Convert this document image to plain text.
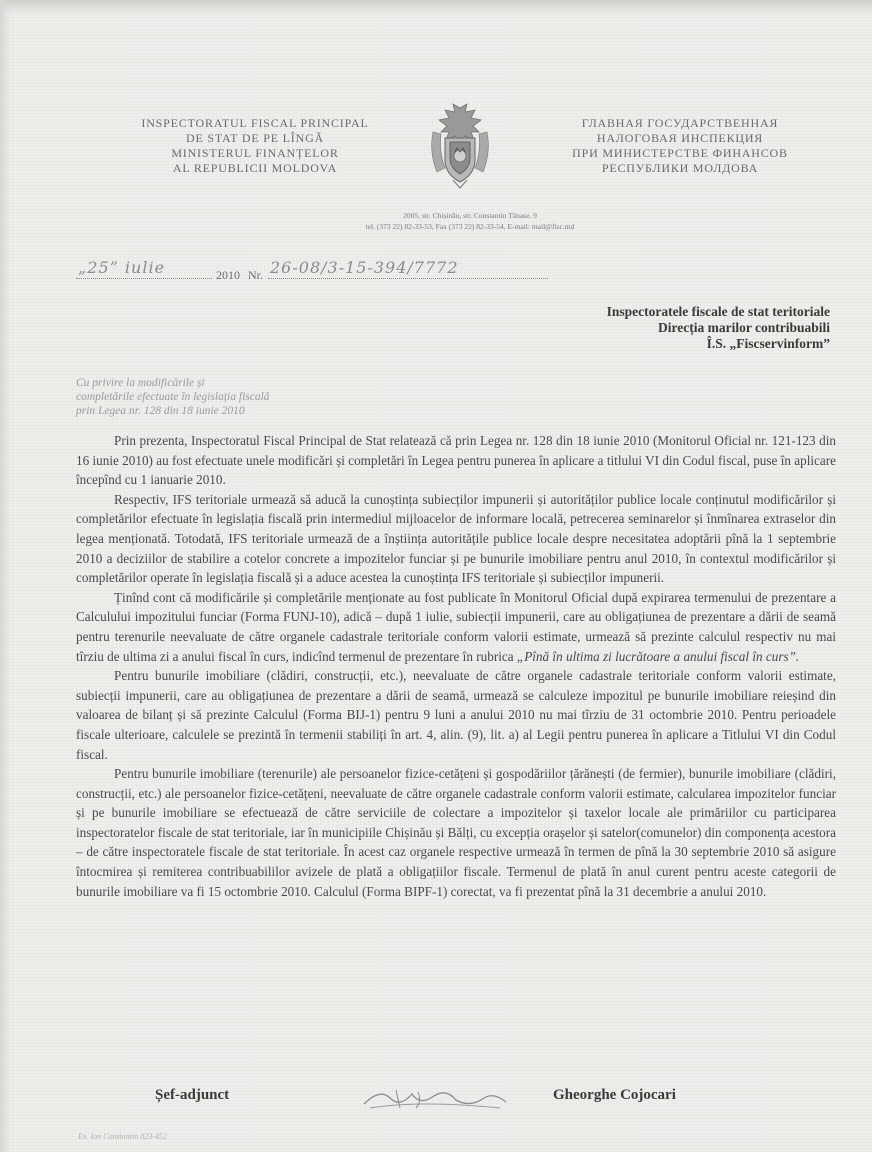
INSPECTORATUL FISCAL PRINCIPAL
DE STAT DE PE LÎNGĂ
MINISTERUL FINANȚELOR
AL REPUBLICII MOLDOVA
ГЛАВНАЯ ГОСУДАРСТВЕННАЯ
НАЛОГОВАЯ ИНСПЕКЦИЯ
ПРИ МИНИСТЕРСТВЕ ФИНАНСОВ
РЕСПУБЛИКИ МОЛДОВА
2005, str. Chișinău, str. Constantin Tănase, 9
tel. (373 22) 82-33-53, Fax (373 22) 82-33-54, E-mail: mail@fisc.md
„25” iulie	2010 Nr. 26-08/3-15-394/7772
Inspectoratele fiscale de stat teritoriale
Direcția marilor contribuabili
Î.S. „Fiscservinform”
Cu privire la modificările și
completările efectuate în legislația fiscală
prin Legea nr. 128 din 18 iunie 2010

Prin prezenta, Inspectoratul Fiscal Principal de Stat relatează că prin Legea nr. 128 din 18 iunie 2010 (Monitorul Oficial nr. 121-123 din 16 iunie 2010) au fost efectuate unele modificări și completări în Legea pentru punerea în aplicare a titlului VI din Codul fiscal, puse în aplicare începînd cu 1 ianuarie 2010.

Respectiv, IFS teritoriale urmează să aducă la cunoștința subiecților impunerii și autorităților publice locale conținutul modificărilor și completărilor efectuate în legislația fiscală prin intermediul mijloacelor de informare locală, petrecerea seminarelor și înmînarea extraselor din legea menționată. Totodată, IFS teritoriale urmează de a înștiința autoritățile publice locale despre necesitatea adoptării pînă la 1 septembrie 2010 a deciziilor de stabilire a cotelor concrete a impozitelor funciar și pe bunurile imobiliare pentru anul 2010, în contextul modificărilor și completărilor operate în legislația fiscală și a aduce acestea la cunoștința IFS teritoriale și subiecților impunerii.

Ținînd cont că modificările și completările menționate au fost publicate în Monitorul Oficial după expirarea termenului de prezentare a Calculului impozitului funciar (Forma FUNJ-10), adică – după 1 iulie, subiecții impunerii, care au obligațiunea de prezentare a dării de seamă pentru terenurile neevaluate de către organele cadastrale teritoriale conform valorii estimate, urmează să prezinte calculul respectiv nu mai tîrziu de ultima zi a anului fiscal în curs, indicînd termenul de prezentare în rubrica „Pînă în ultima zi lucrătoare a anului fiscal în curs”.

Pentru bunurile imobiliare (clădiri, construcții, etc.), neevaluate de către organele cadastrale teritoriale conform valorii estimate, subiecții impunerii, care au obligațiunea de prezentare a dării de seamă, urmează se calculeze impozitul pe bunurile imobiliare reieșind din valoarea de bilanț și să prezinte Calculul (Forma BIJ-1) pentru 9 luni a anului 2010 nu mai tîrziu de 31 octombrie 2010. Pentru perioadele fiscale ulterioare, calculele se prezintă în termenii stabiliți în art. 4, alin. (9), lit. a) al Legii pentru punerea în aplicare a Titlului VI din Codul fiscal.

Pentru bunurile imobiliare (terenurile) ale persoanelor fizice-cetățeni și gospodăriilor țărănești (de fermier), bunurile imobiliare (clădiri, construcții, etc.) ale persoanelor fizice-cetățeni, neevaluate de către organele cadastrale conform valorii estimate, calcularea impozitelor funciar și pe bunurile imobiliare se efectuează de către serviciile de colectare a impozitelor și taxelor locale ale primăriilor cu participarea inspectoratelor fiscale de stat teritoriale, iar în municipiile Chișinău și Bălți, cu excepția orașelor și satelor(comunelor) din componența acestora – de către inspectoratele fiscale de stat teritoriale. În acest caz organele respective urmează în termen de pînă la 30 septembrie 2010 să asigure întocmirea și remiterea contribuabililor avizele de plată a obligațiilor fiscale. Termenul de plată în anul curent pentru aceste categorii de bunurile imobiliare va fi 15 octombrie 2010. Calculul (Forma BIPF-1) corectat, va fi prezentat pînă la 31 decembrie a anului 2010.

Șef-adjunct	Gheorghe Cojocari
Ex. Ion Constantin 823-452
